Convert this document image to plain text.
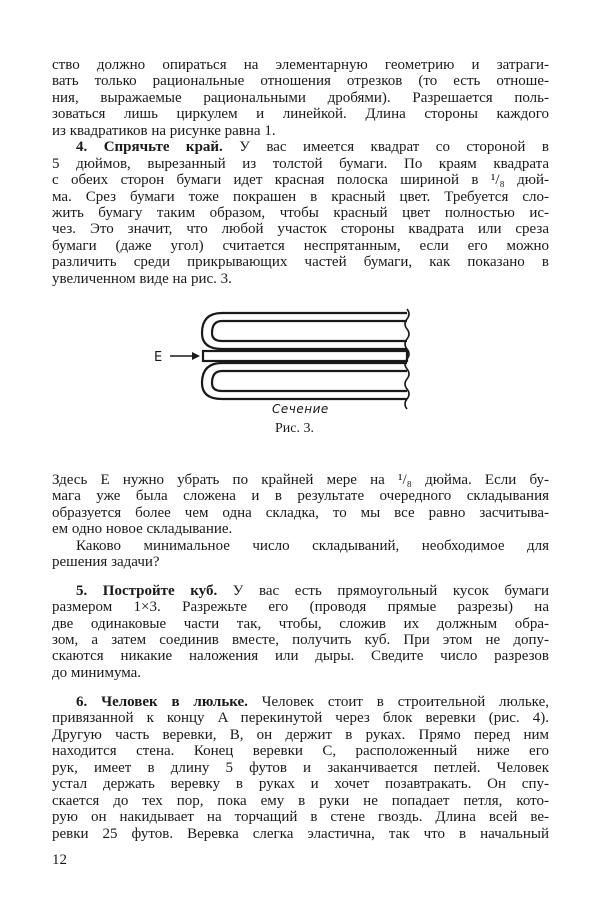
ство должно опираться на элементарную геометрию и затраги-
вать только рациональные отношения отрезков (то есть отноше-
ния, выражаемые рациональными дробями). Разрешается поль-
зоваться лишь циркулем и линейкой. Длина стороны каждого
из квадратиков на рисунке равна 1.
4. Спрячьте край. У вас имеется квадрат со стороной в
5 дюймов, вырезанный из толстой бумаги. По краям квадрата
с обеих сторон бумаги идет красная полоска шириной в ¹/₈ дюй-
ма. Срез бумаги тоже покрашен в красный цвет. Требуется сло-
жить бумагу таким образом, чтобы красный цвет полностью ис-
чез. Это значит, что любой участок стороны квадрата или среза
бумаги (даже угол) считается неспрятанным, если его можно
различить среди прикрывающих частей бумаги, как показано в
увеличенном виде на рис. 3.
E
Сечение
Рис. 3.
Здесь E нужно убрать по крайней мере на ¹/₈ дюйма. Если бу-
мага уже была сложена и в результате очередного складывания
образуется более чем одна складка, то мы все равно засчитыва-
ем одно новое складывание.
Каково минимальное число складываний, необходимое для
решения задачи?
5. Постройте куб. У вас есть прямоугольный кусок бумаги
размером 1×3. Разрежьте его (проводя прямые разрезы) на
две одинаковые части так, чтобы, сложив их должным обра-
зом, а затем соединив вместе, получить куб. При этом не допу-
скаются никакие наложения или дыры. Сведите число разрезов
до минимума.
6. Человек в люльке. Человек стоит в строительной люльке,
привязанной к концу A перекинутой через блок веревки (рис. 4).
Другую часть веревки, B, он держит в руках. Прямо перед ним
находится стена. Конец веревки C, расположенный ниже его
рук, имеет в длину 5 футов и заканчивается петлей. Человек
устал держать веревку в руках и хочет позавтракать. Он спу-
скается до тех пор, пока ему в руки не попадает петля, кото-
рую он накидывает на торчащий в стене гвоздь. Длина всей ве-
ревки 25 футов. Веревка слегка эластична, так что в начальный
12
